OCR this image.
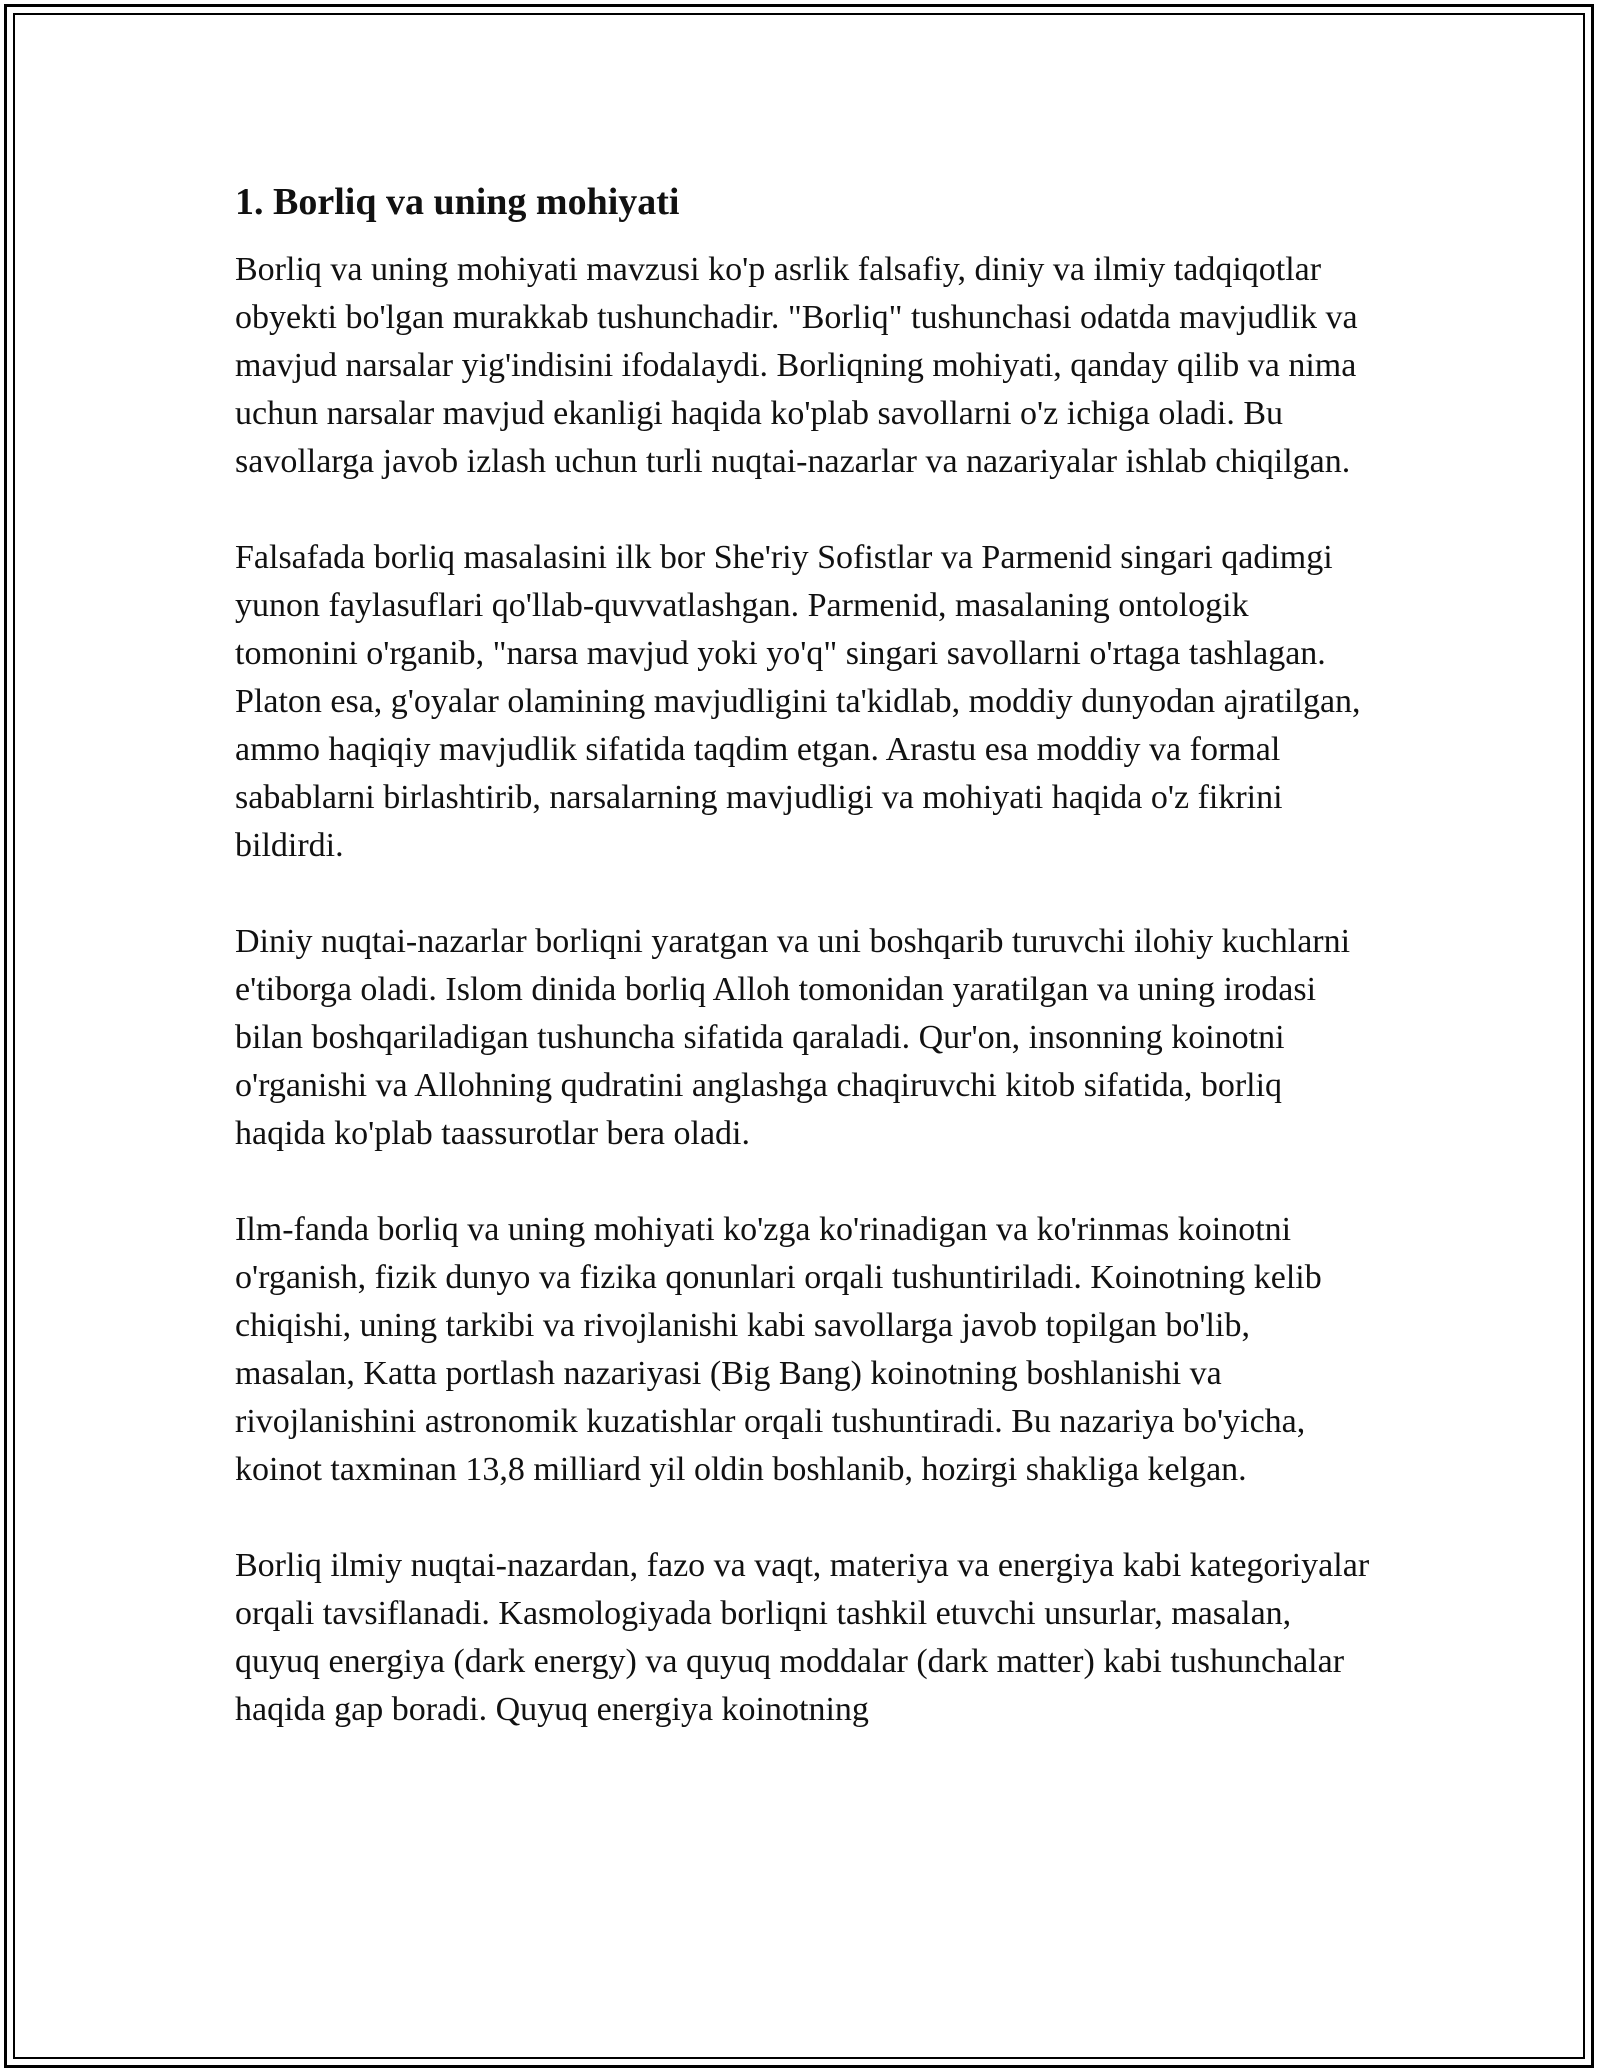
1. Borliq va uning mohiyati

Borliq va uning mohiyati mavzusi ko'p asrlik falsafiy, diniy va ilmiy tadqiqotlar obyekti bo'lgan murakkab tushunchadir. "Borliq" tushunchasi odatda mavjudlik va mavjud narsalar yig'indisini ifodalaydi. Borliqning mohiyati, qanday qilib va nima uchun narsalar mavjud ekanligi haqida ko'plab savollarni o'z ichiga oladi. Bu savollarga javob izlash uchun turli nuqtai-nazarlar va nazariyalar ishlab chiqilgan.

Falsafada borliq masalasini ilk bor She'riy Sofistlar va Parmenid singari qadimgi yunon faylasuflari qo'llab-quvvatlashgan. Parmenid, masalaning ontologik tomonini o'rganib, "narsa mavjud yoki yo'q" singari savollarni o'rtaga tashlagan. Platon esa, g'oyalar olamining mavjudligini ta'kidlab, moddiy dunyodan ajratilgan, ammo haqiqiy mavjudlik sifatida taqdim etgan. Arastu esa moddiy va formal sabablarni birlashtirib, narsalarning mavjudligi va mohiyati haqida o'z fikrini bildirdi.

Diniy nuqtai-nazarlar borliqni yaratgan va uni boshqarib turuvchi ilohiy kuchlarni e'tiborga oladi. Islom dinida borliq Alloh tomonidan yaratilgan va uning irodasi bilan boshqariladigan tushuncha sifatida qaraladi. Qur'on, insonning koinotni o'rganishi va Allohning qudratini anglashga chaqiruvchi kitob sifatida, borliq haqida ko'plab taassurotlar bera oladi.

Ilm-fanda borliq va uning mohiyati ko'zga ko'rinadigan va ko'rinmas koinotni o'rganish, fizik dunyo va fizika qonunlari orqali tushuntiriladi. Koinotning kelib chiqishi, uning tarkibi va rivojlanishi kabi savollarga javob topilgan bo'lib, masalan, Katta portlash nazariyasi (Big Bang) koinotning boshlanishi va rivojlanishini astronomik kuzatishlar orqali tushuntiradi. Bu nazariya bo'yicha, koinot taxminan 13,8 milliard yil oldin boshlanib, hozirgi shakliga kelgan.

Borliq ilmiy nuqtai-nazardan, fazo va vaqt, materiya va energiya kabi kategoriyalar orqali tavsiflanadi. Kasmologiyada borliqni tashkil etuvchi unsurlar, masalan, quyuq energiya (dark energy) va quyuq moddalar (dark matter) kabi tushunchalar haqida gap boradi. Quyuq energiya koinotning
